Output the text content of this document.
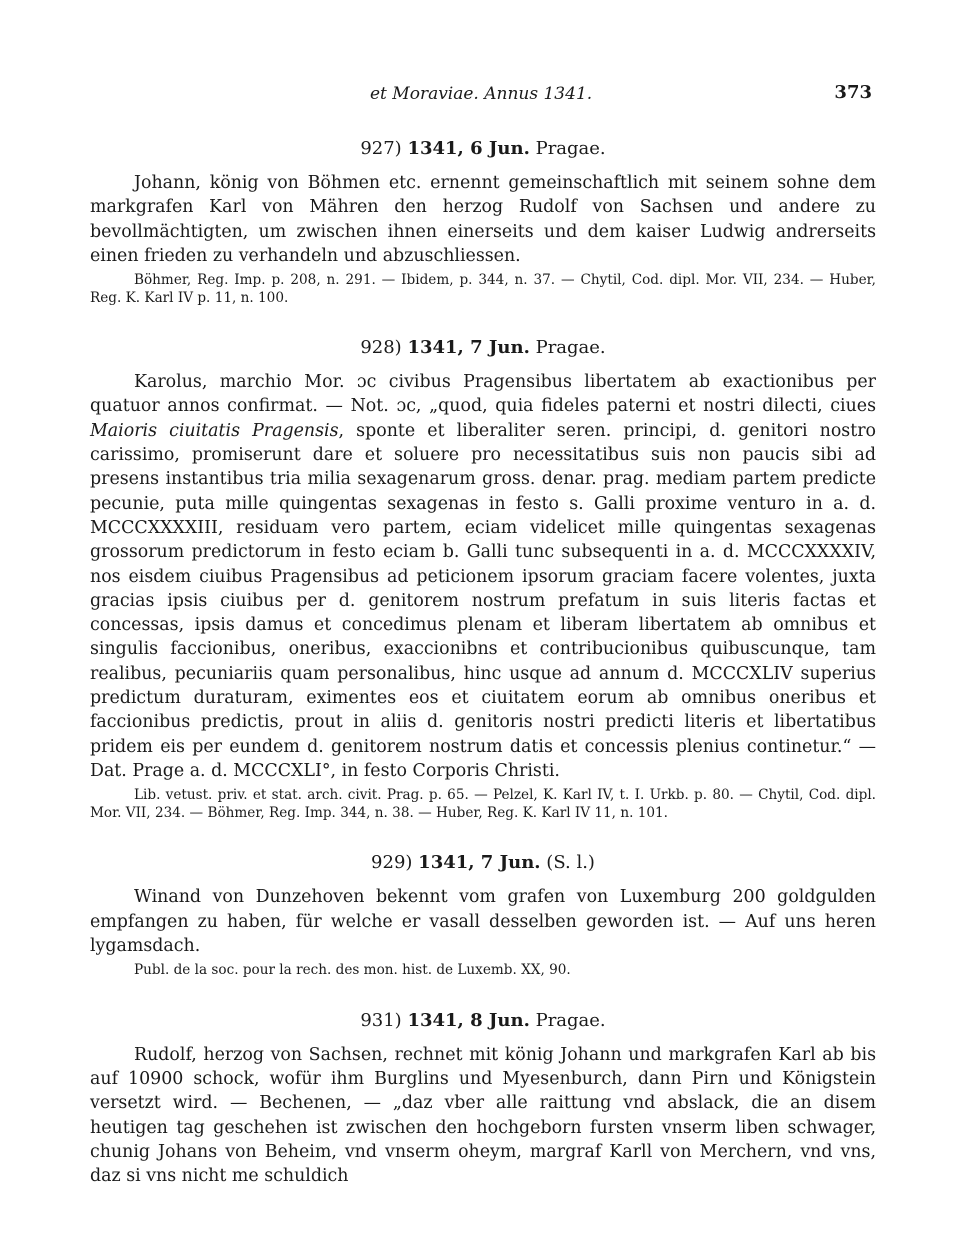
et Moraviae. Annus 1341.	373
927) 1341, 6 Jun. Pragae.

Johann, könig von Böhmen etc. ernennt gemeinschaftlich mit seinem sohne dem markgrafen Karl von Mähren den herzog Rudolf von Sachsen und andere zu bevollmächtigten, um zwischen ihnen einerseits und dem kaiser Ludwig andrerseits einen frieden zu verhandeln und abzuschliessen.

Böhmer, Reg. Imp. p. 208, n. 291. — Ibidem, p. 344, n. 37. — Chytil, Cod. dipl. Mor. VII, 234. — Huber, Reg. K. Karl IV p. 11, n. 100.

928) 1341, 7 Jun. Pragae.

Karolus, marchio Mor. ɔc civibus Pragensibus libertatem ab exactionibus per quatuor annos confirmat. — Not. ɔc, „quod, quia fideles paterni et nostri dilecti, ciues Maioris ciuitatis Pragensis, sponte et liberaliter seren. principi, d. genitori nostro carissimo, promiserunt dare et soluere pro necessitatibus suis non paucis sibi ad presens instantibus tria milia sexagenarum gross. denar. prag. mediam partem predicte pecunie, puta mille quingentas sexagenas in festo s. Galli proxime venturo in a. d. MCCCXXXXIII, residuam vero partem, eciam videlicet mille quingentas sexagenas grossorum predictorum in festo eciam b. Galli tunc subsequenti in a. d. MCCCXXXXIV, nos eisdem ciuibus Pragensibus ad peticionem ipsorum graciam facere volentes, juxta gracias ipsis ciuibus per d. genitorem nostrum prefatum in suis literis factas et concessas, ipsis damus et concedimus plenam et liberam libertatem ab omnibus et singulis faccionibus, oneribus, exaccionibns et contribucionibus quibuscunque, tam realibus, pecuniariis quam personalibus, hinc usque ad annum d. MCCCXLIV superius predictum duraturam, eximentes eos et ciuitatem eorum ab omnibus oneribus et faccionibus predictis, prout in aliis d. genitoris nostri predicti literis et libertatibus pridem eis per eundem d. genitorem nostrum datis et concessis plenius continetur.“ — Dat. Prage a. d. MCCCXLI°, in festo Corporis Christi.

Lib. vetust. priv. et stat. arch. civit. Prag. p. 65. — Pelzel, K. Karl IV, t. I. Urkb. p. 80. — Chytil, Cod. dipl. Mor. VII, 234. — Böhmer, Reg. Imp. 344, n. 38. — Huber, Reg. K. Karl IV 11, n. 101.

929) 1341, 7 Jun. (S. l.)

Winand von Dunzehoven bekennt vom grafen von Luxemburg 200 goldgulden empfangen zu haben, für welche er vasall desselben geworden ist. — Auf uns heren lygamsdach.

Publ. de la soc. pour la rech. des mon. hist. de Luxemb. XX, 90.

931) 1341, 8 Jun. Pragae.

Rudolf, herzog von Sachsen, rechnet mit könig Johann und markgrafen Karl ab bis auf 10900 schock, wofür ihm Burglins und Myesenburch, dann Pirn und Königstein versetzt wird. — Bechenen, — „daz vber alle raittung vnd abslack, die an disem heutigen tag geschehen ist zwischen den hochgeborn fursten vnserm liben schwager, chunig Johans von Beheim, vnd vnserm oheym, margraf Karll von Merchern, vnd vns, daz si vns nicht me schuldich
